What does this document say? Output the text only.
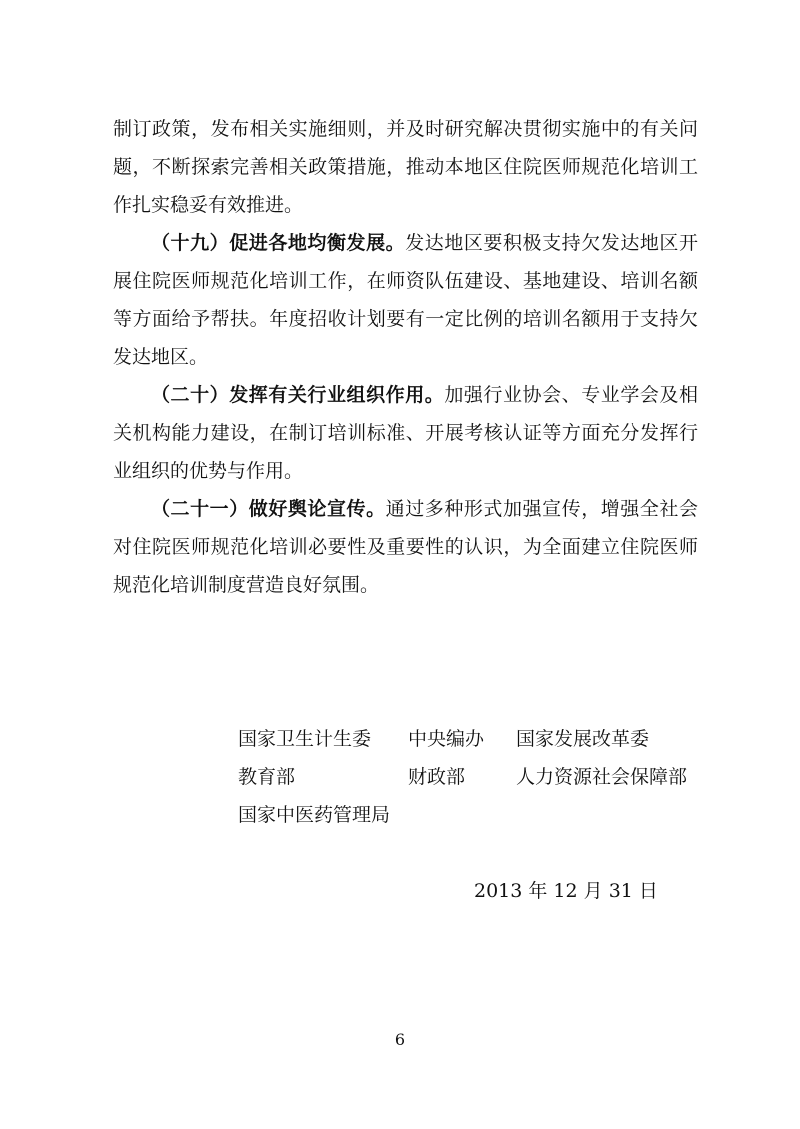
制订政策，发布相关实施细则，并及时研究解决贯彻实施中的有关问题，不断探索完善相关政策措施，推动本地区住院医师规范化培训工作扎实稳妥有效推进。

（十九）促进各地均衡发展。发达地区要积极支持欠发达地区开展住院医师规范化培训工作，在师资队伍建设、基地建设、培训名额等方面给予帮扶。年度招收计划要有一定比例的培训名额用于支持欠发达地区。

（二十）发挥有关行业组织作用。加强行业协会、专业学会及相关机构能力建设，在制订培训标准、开展考核认证等方面充分发挥行业组织的优势与作用。

（二十一）做好舆论宣传。通过多种形式加强宣传，增强全社会对住院医师规范化培训必要性及重要性的认识，为全面建立住院医师规范化培训制度营造良好氛围。

国家卫生计生委 中央编办 国家发展改革委
教育部	财政部	人力资源社会保障部
国家中医药管理局
2013 年 12 月 31 日
6
